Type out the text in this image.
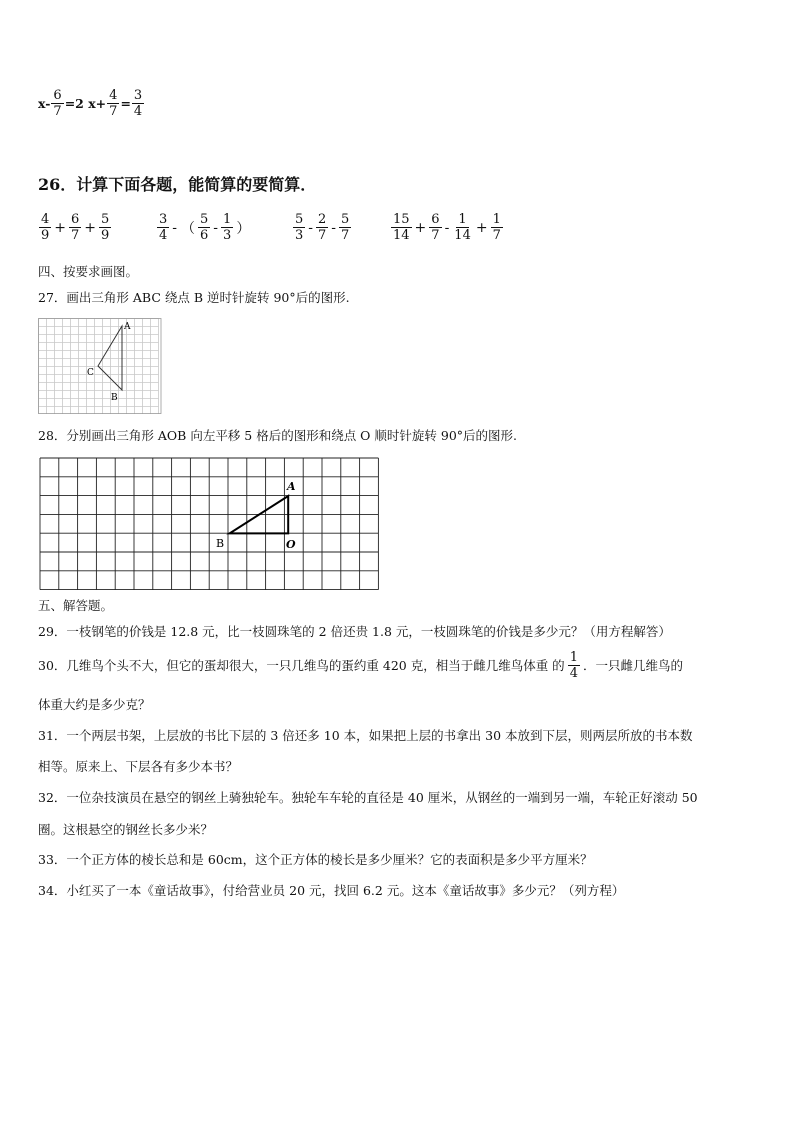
$x- \frac{6}{7} =2$ $x+ \frac{4}{7} = \frac{3}{4}$
26．计算下面各题，能简算的要简算．
$\frac{4}{9} + \frac{6}{7} + \frac{5}{9}$	$\frac{3}{4}$ - （ $\frac{5}{6} - \frac{1}{3}$ ）	$\frac{5}{3} - \frac{2}{7} - \frac{5}{7}$	$\frac{15}{14} + \frac{6}{7} - \frac{1}{14} + \frac{1}{7}$
四、按要求画图。
27．画出三角形 ABC 绕点 B 逆时针旋转 90°后的图形.
A
C
B
28．分别画出三角形 AOB 向左平移 5 格后的图形和绕点 O 顺时针旋转 90°后的图形.
A
B	O
五、解答题。
29．一枝钢笔的价钱是 12.8 元，比一枝圆珠笔的 2 倍还贵 1.8 元，一枝圆珠笔的价钱是多少元？（用方程解答）
30．几维鸟个头不大，但它的蛋却很大，一只几维鸟的蛋约重 420 克，相当于雌几维鸟体重 的 $\frac{1}{4}$ ．一只雌几维鸟的
体重大约是多少克？
31．一个两层书架，上层放的书比下层的 3 倍还多 10 本，如果把上层的书拿出 30 本放到下层，则两层所放的书本数
相等。原来上、下层各有多少本书？
32．一位杂技演员在悬空的钢丝上骑独轮车。独轮车车轮的直径是 40 厘米，从钢丝的一端到另一端，车轮正好滚动 50
圈。这根悬空的钢丝长多少米？
33．一个正方体的棱长总和是 60cm，这个正方体的棱长是多少厘米？它的表面积是多少平方厘米？
34．小红买了一本《童话故事》，付给营业员 20 元，找回 6.2 元。这本《童话故事》多少元？（列方程）
